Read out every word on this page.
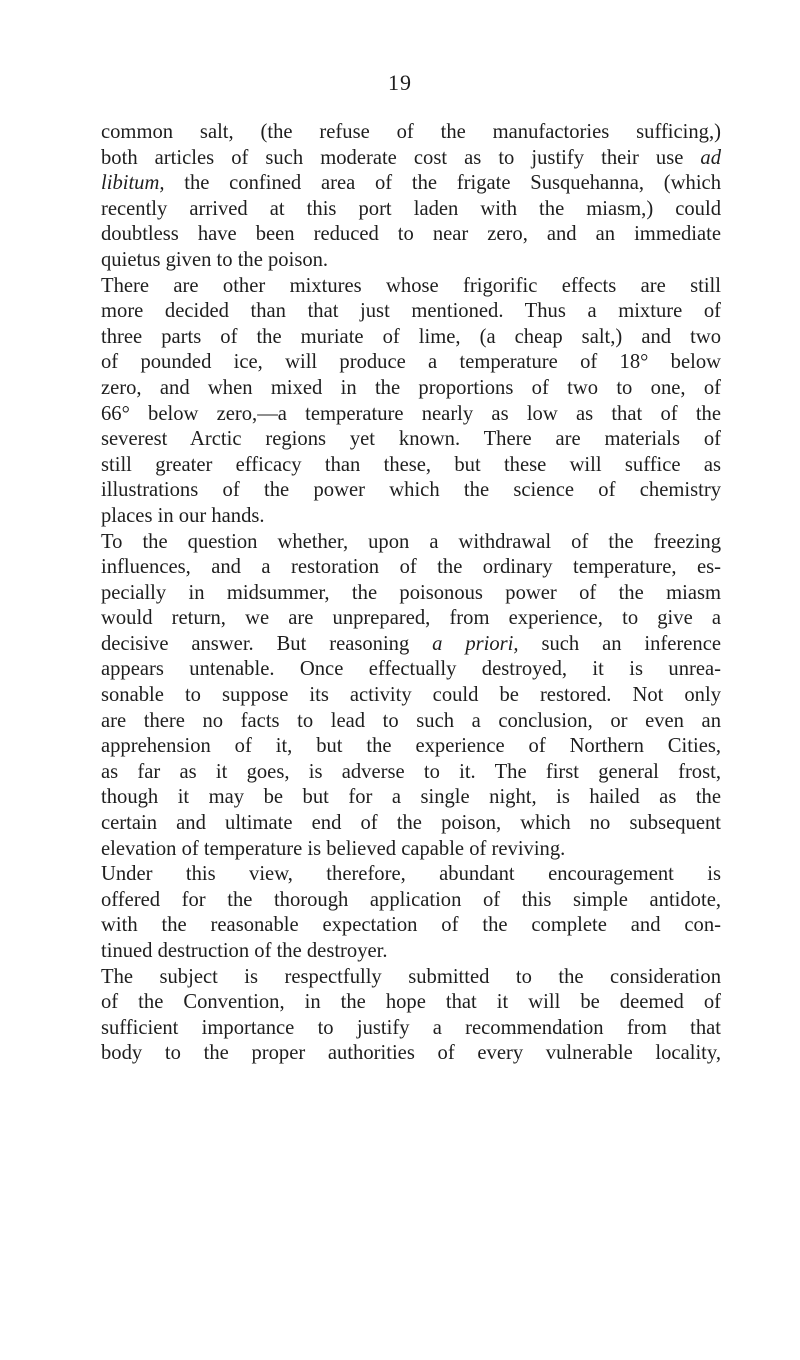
19
common salt, (the refuse of the manufactories sufficing,)
both articles of such moderate cost as to justify their use ad
libitum, the confined area of the frigate Susquehanna, (which
recently arrived at this port laden with the miasm,) could
doubtless have been reduced to near zero, and an immediate
quietus given to the poison.
There are other mixtures whose frigorific effects are still
more decided than that just mentioned. Thus a mixture of
three parts of the muriate of lime, (a cheap salt,) and two
of pounded ice, will produce a temperature of 18° below
zero, and when mixed in the proportions of two to one, of
66° below zero,—a temperature nearly as low as that of the
severest Arctic regions yet known. There are materials of
still greater efficacy than these, but these will suffice as
illustrations of the power which the science of chemistry
places in our hands.
To the question whether, upon a withdrawal of the freezing
influences, and a restoration of the ordinary temperature, es-
pecially in midsummer, the poisonous power of the miasm
would return, we are unprepared, from experience, to give a
decisive answer. But reasoning a priori, such an inference
appears untenable. Once effectually destroyed, it is unrea-
sonable to suppose its activity could be restored. Not only
are there no facts to lead to such a conclusion, or even an
apprehension of it, but the experience of Northern Cities,
as far as it goes, is adverse to it. The first general frost,
though it may be but for a single night, is hailed as the
certain and ultimate end of the poison, which no subsequent
elevation of temperature is believed capable of reviving.
Under this view, therefore, abundant encouragement is
offered for the thorough application of this simple antidote,
with the reasonable expectation of the complete and con-
tinued destruction of the destroyer.
The subject is respectfully submitted to the consideration
of the Convention, in the hope that it will be deemed of
sufficient importance to justify a recommendation from that
body to the proper authorities of every vulnerable locality,
